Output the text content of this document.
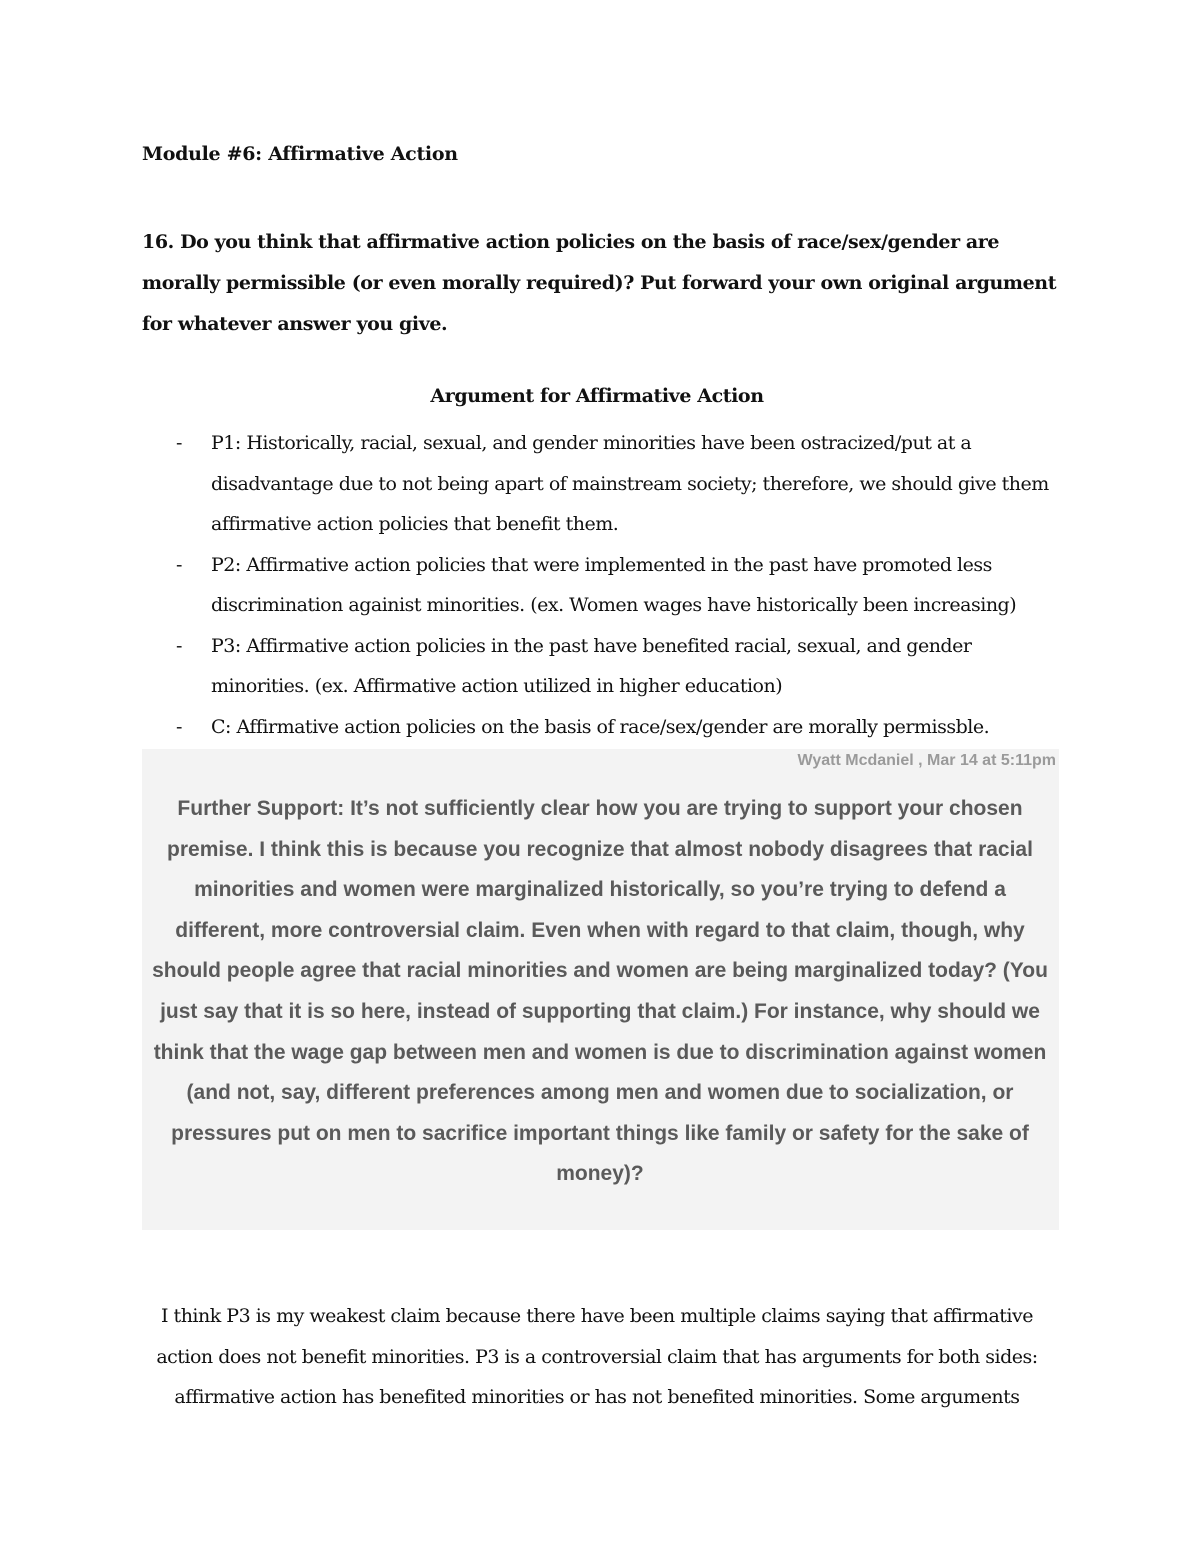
Module #6: Affirmative Action
16. Do you think that affirmative action policies on the basis of race/sex/gender are morally permissible (or even morally required)? Put forward your own original argument for whatever answer you give.
Argument for Affirmative Action
- P1: Historically, racial, sexual, and gender minorities have been ostracized/put at a disadvantage due to not being apart of mainstream society; therefore, we should give them affirmative action policies that benefit them.
- P2: Affirmative action policies that were implemented in the past have promoted less discrimination againist minorities. (ex. Women wages have historically been increasing)
- P3: Affirmative action policies in the past have benefited racial, sexual, and gender minorities. (ex. Affirmative action utilized in higher education)
- C: Affirmative action policies on the basis of race/sex/gender are morally permissble.
Wyatt Mcdaniel , Mar 14 at 5:11pm
Further Support: It’s not sufficiently clear how you are trying to support your chosen premise. I think this is because you recognize that almost nobody disagrees that racial minorities and women were marginalized historically, so you’re trying to defend a different, more controversial claim. Even when with regard to that claim, though, why should people agree that racial minorities and women are being marginalized today? (You just say that it is so here, instead of supporting that claim.) For instance, why should we think that the wage gap between men and women is due to discrimination against women (and not, say, different preferences among men and women due to socialization, or pressures put on men to sacrifice important things like family or safety for the sake of money)?
I think P3 is my weakest claim because there have been multiple claims saying that affirmative action does not benefit minorities. P3 is a controversial claim that has arguments for both sides: affirmative action has benefited minorities or has not benefited minorities. Some arguments
